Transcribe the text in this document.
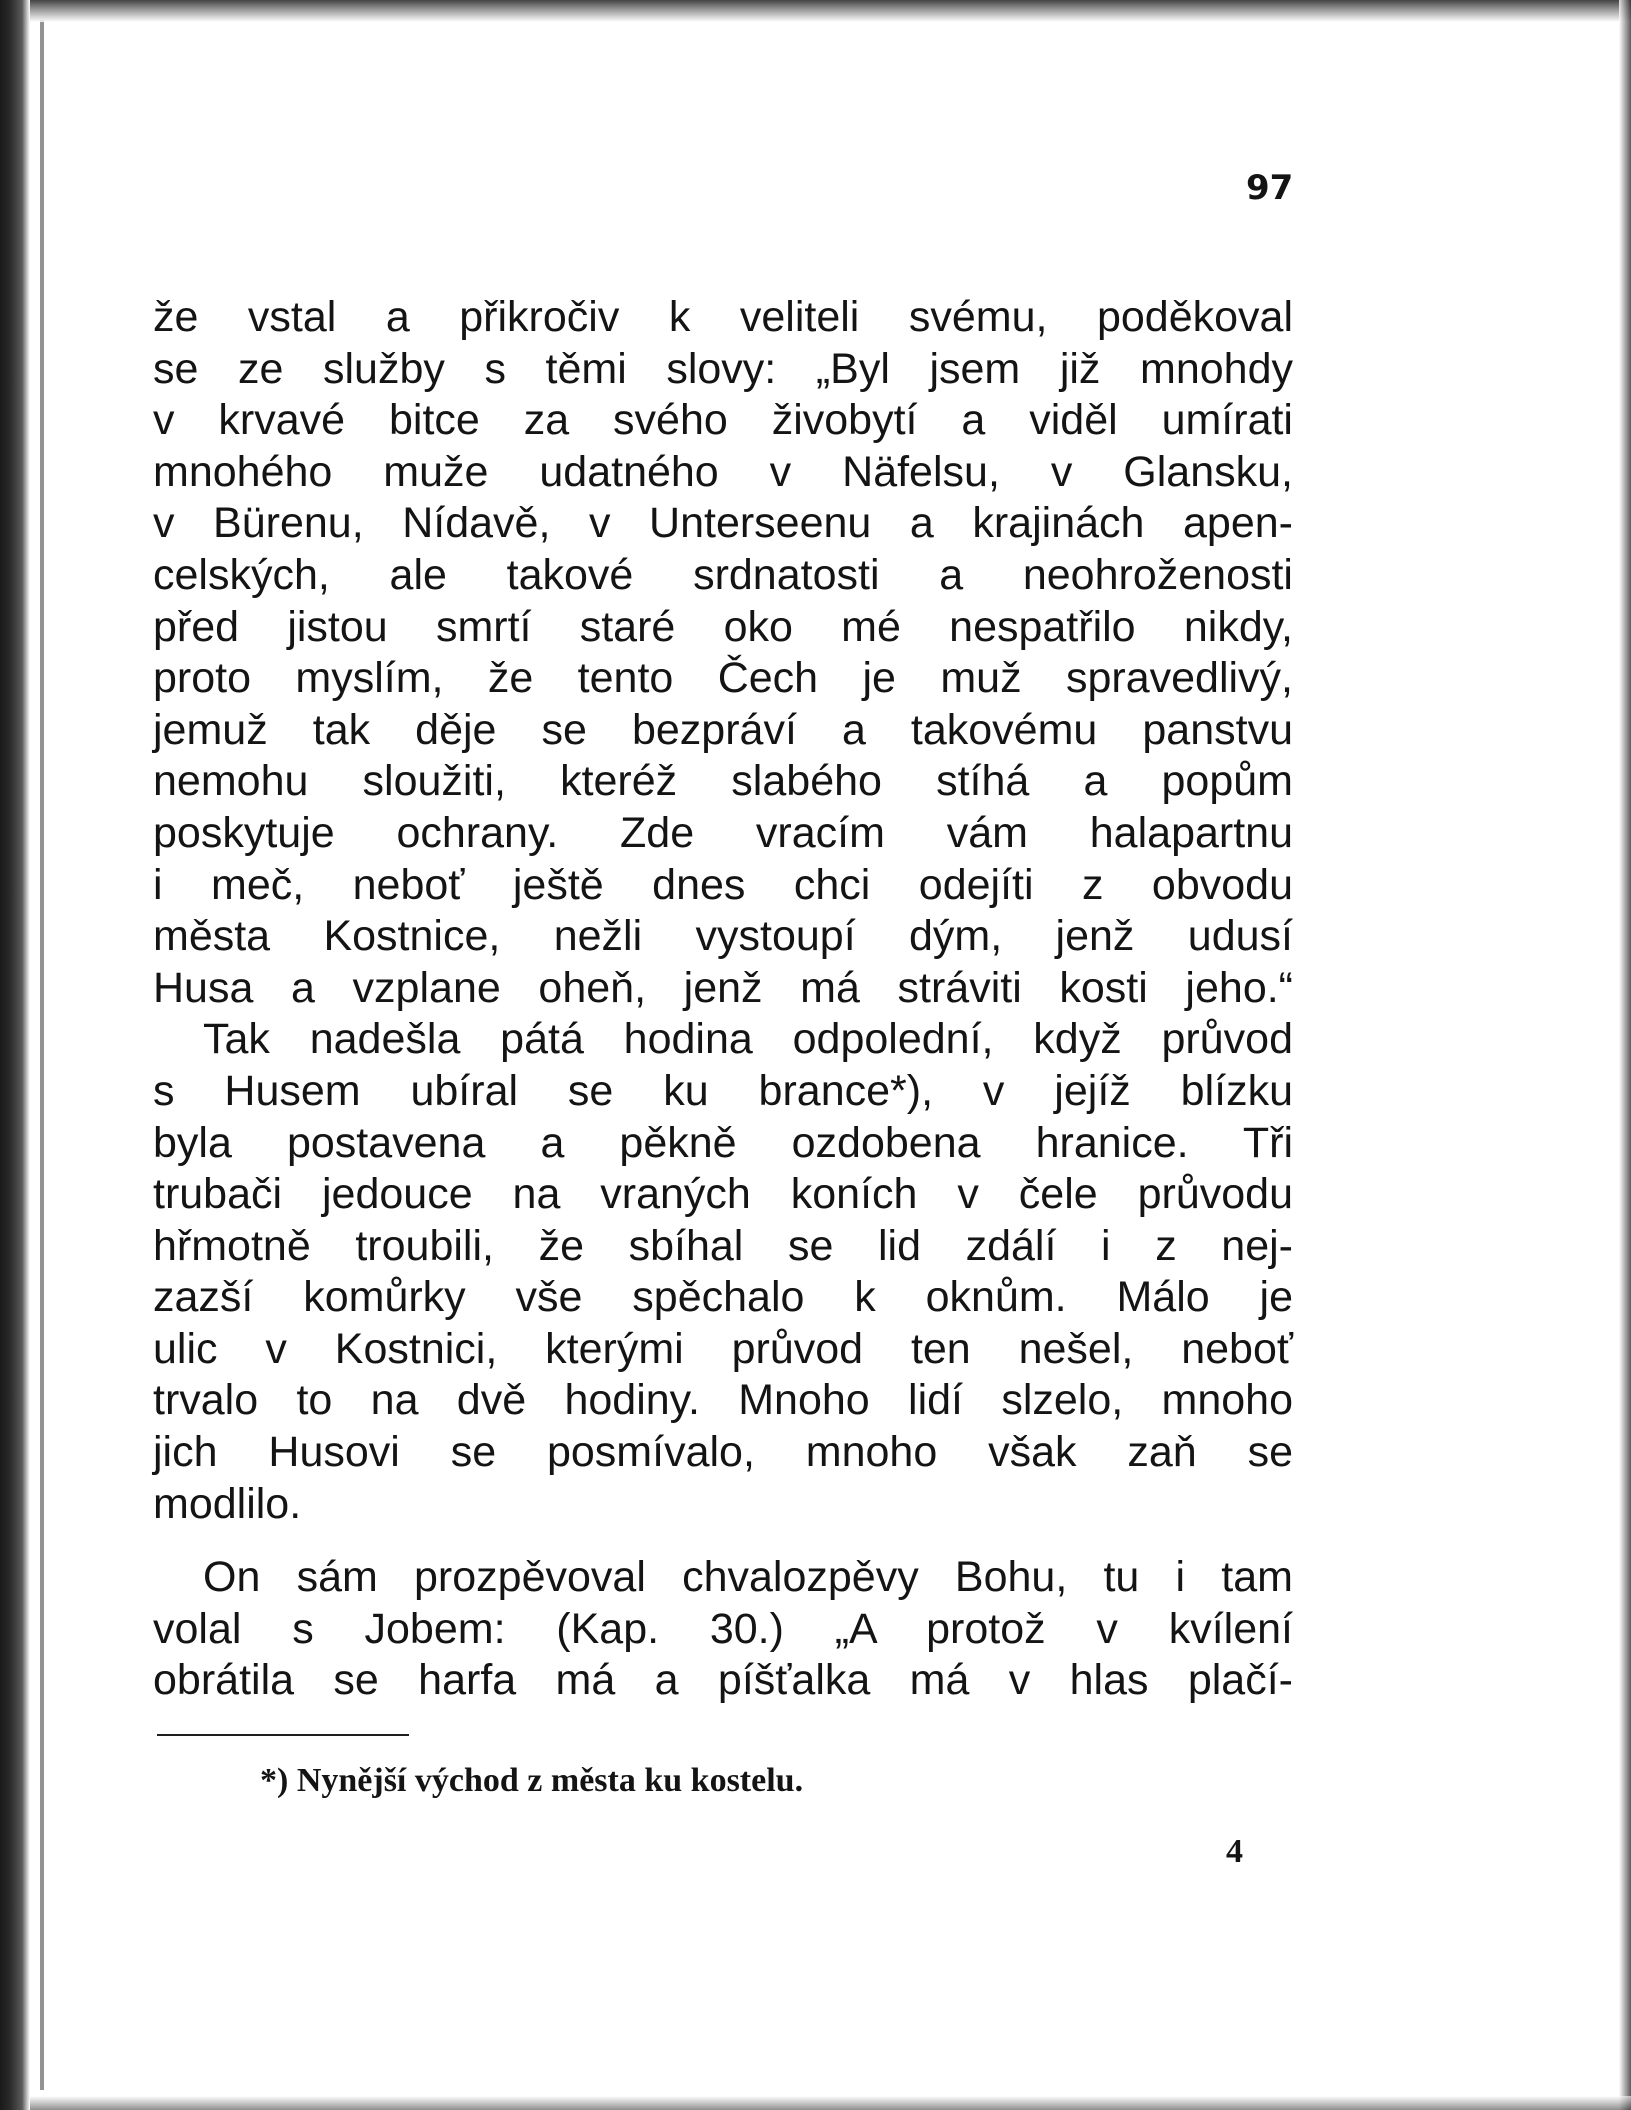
97
že vstal a přikročiv k veliteli svému, poděkoval
se ze služby s těmi slovy: „Byl jsem již mnohdy
v krvavé bitce za svého živobytí a viděl umírati
mnohého muže udatného v Näfelsu, v Glansku,
v Bürenu, Nídavě, v Unterseenu a krajinách apen-
celských, ale takové srdnatosti a neohroženosti
před jistou smrtí staré oko mé nespatřilo nikdy,
proto myslím, že tento Čech je muž spravedlivý,
jemuž tak děje se bezpráví a takovému panstvu
nemohu sloužiti, kteréž slabého stíhá a popům
poskytuje ochrany. Zde vracím vám halapartnu
i meč, neboť ještě dnes chci odejíti z obvodu
města Kostnice, nežli vystoupí dým, jenž udusí
Husa a vzplane oheň, jenž má stráviti kosti jeho.“
Tak nadešla pátá hodina odpolední, když průvod
s Husem ubíral se ku brance*), v jejíž blízku
byla postavena a pěkně ozdobena hranice. Tři
trubači jedouce na vraných koních v čele průvodu
hřmotně troubili, že sbíhal se lid zdálí i z nej-
zazší komůrky vše spěchalo k oknům. Málo je
ulic v Kostnici, kterými průvod ten nešel, neboť
trvalo to na dvě hodiny. Mnoho lidí slzelo, mnoho
jich Husovi se posmívalo, mnoho však zaň se
modlilo.
On sám prozpěvoval chvalozpěvy Bohu, tu i tam
volal s Jobem: (Kap. 30.) „A protož v kvílení
obrátila se harfa má a píšťalka má v hlas plačí-
*) Nynější východ z města ku kostelu.
4
